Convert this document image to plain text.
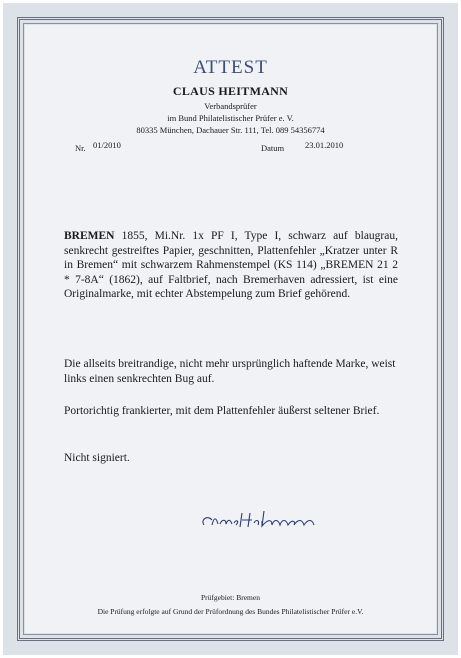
ATTEST
CLAUS HEITMANN
Verbandsprüfer
im Bund Philatelistischer Prüfer e. V.
80335 München, Dachauer Str. 111, Tel. 089 54356774
Nr. 01/2010	Datum 23.01.2010
BREMEN 1855, Mi.Nr. 1x PF I, Type I, schwarz auf blaugrau, senkrecht gestreiftes Papier, geschnitten, Plattenfehler „Kratzer unter R in Bremen“ mit schwarzem Rahmenstempel (KS 114) „BREMEN 21 2 * 7-8A“ (1862), auf Faltbrief, nach Bremerhaven adressiert, ist eine Originalmarke, mit echter Abstempelung zum Brief gehörend.
Die allseits breitrandige, nicht mehr ursprünglich haftende Marke, weist links einen senkrechten Bug auf.
Portorichtig frankierter, mit dem Plattenfehler äußerst seltener Brief.
Nicht signiert.
Prüfgebiet: Bremen
Die Prüfung erfolgte auf Grund der Prüfordnung des Bundes Philatelistischer Prüfer e.V.
